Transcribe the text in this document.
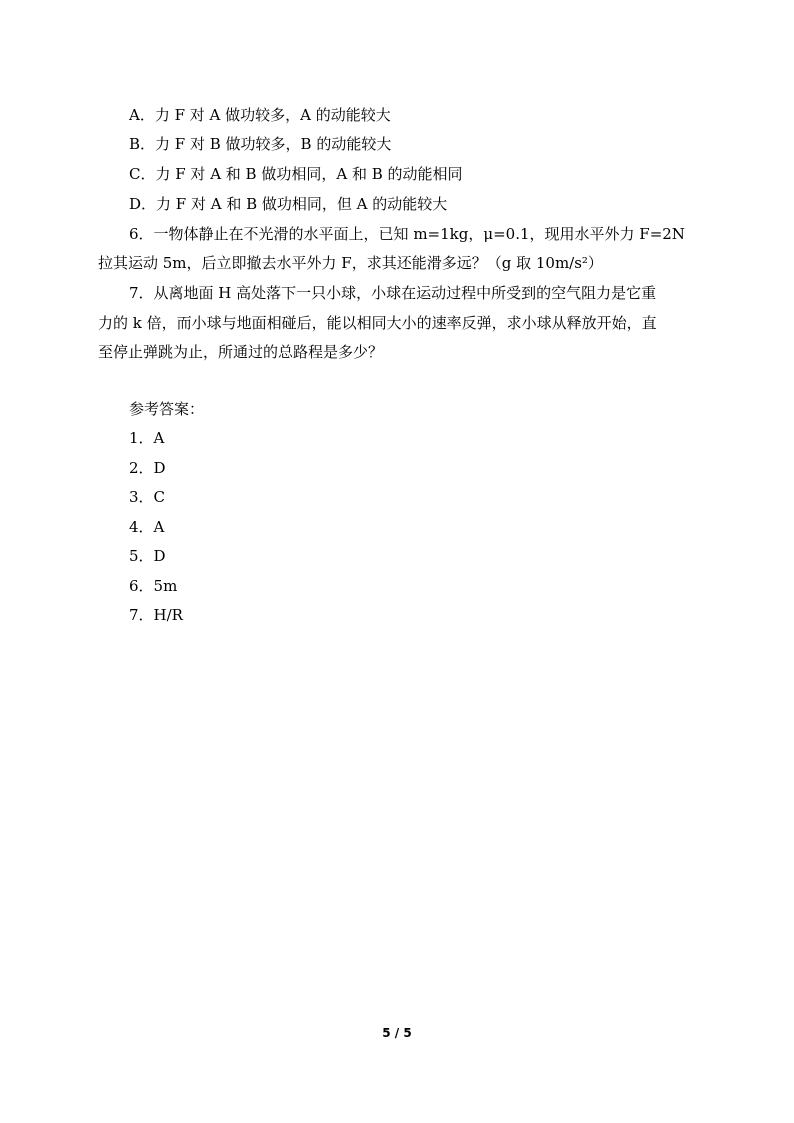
A．力 F 对 A 做功较多，A 的动能较大
B．力 F 对 B 做功较多，B 的动能较大
C．力 F 对 A 和 B 做功相同，A 和 B 的动能相同
D．力 F 对 A 和 B 做功相同，但 A 的动能较大
6．一物体静止在不光滑的水平面上，已知 m=1kg，μ=0.1，现用水平外力 F=2N
拉其运动 5m，后立即撤去水平外力 F，求其还能滑多远？（g 取 10m/s²）
7．从离地面 H 高处落下一只小球，小球在运动过程中所受到的空气阻力是它重
力的 k 倍，而小球与地面相碰后，能以相同大小的速率反弹，求小球从释放开始，直
至停止弹跳为止，所通过的总路程是多少？
参考答案：
1．A
2．D
3．C
4．A
5．D
6．5m
7．H/R
5 / 5
